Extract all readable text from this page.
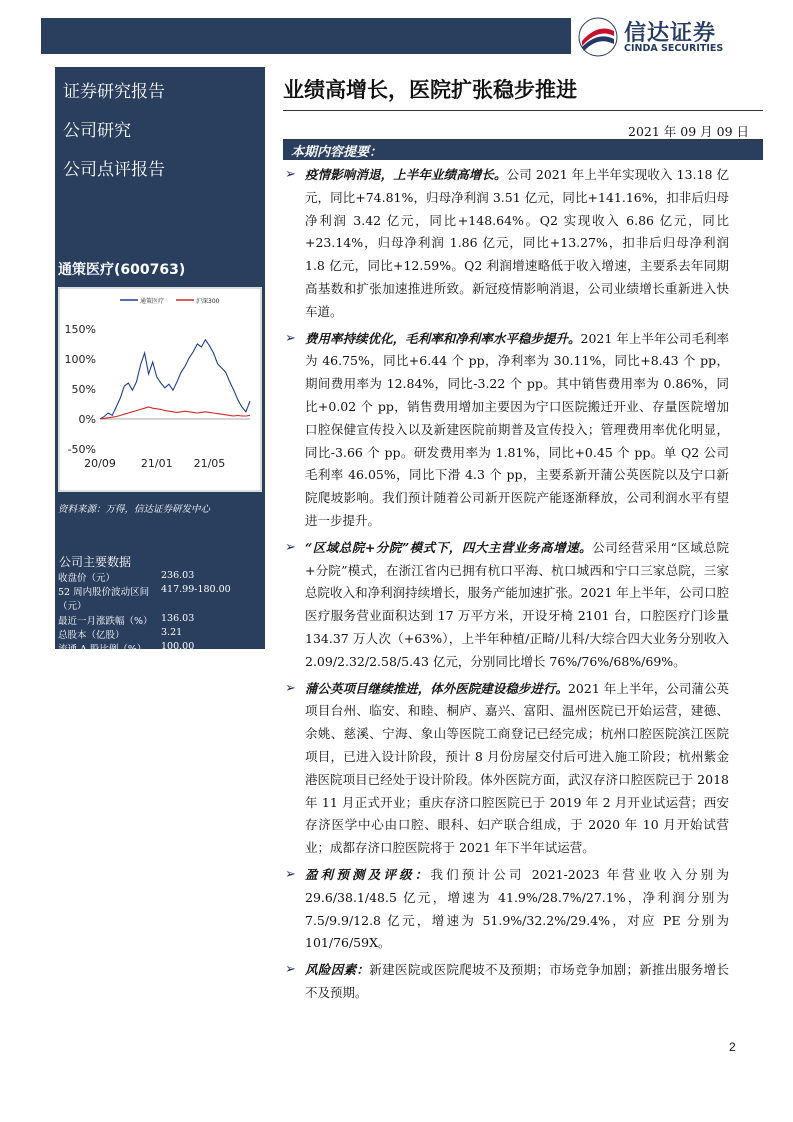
信达证券
CINDA SECURITIES
证券研究报告
公司研究
公司点评报告
通策医疗(600763)
通策医疗	沪深300
150%
100%
50%
0%
-50%
20/09 21/01 21/05
资料来源：万得，信达证券研发中心
公司主要数据
收盘价（元）	236.03
52 周内股价波动区间 417.99-180.00
（元）
最近一月涨跌幅（%） 136.03
总股本（亿股）	3.21
流通 A 股比例（%） 100.00
总市值（亿元）	756.81
资料来源：信达证券研发中心
业绩高增长，医院扩张稳步推进
2021 年 09 月 09 日
本期内容提要：
➢ 疫情影响消退，上半年业绩高增长。公司 2021 年上半年实现收入 13.18 亿元，同比+74.81%，归母净利润 3.51 亿元，同比+141.16%，扣非后归母净利润 3.42 亿元，同比+148.64%。Q2 实现收入 6.86 亿元，同比+23.14%，归母净利润 1.86 亿元，同比+13.27%，扣非后归母净利润 1.8 亿元，同比+12.59%。Q2 利润增速略低于收入增速，主要系去年同期高基数和扩张加速推进所致。新冠疫情影响消退，公司业绩增长重新进入快车道。
➢ 费用率持续优化，毛利率和净利率水平稳步提升。2021 年上半年公司毛利率为 46.75%，同比+6.44 个 pp，净利率为 30.11%，同比+8.43 个 pp，期间费用率为 12.84%，同比-3.22 个 pp。其中销售费用率为 0.86%，同比+0.02 个 pp，销售费用增加主要因为宁口医院搬迁开业、存量医院增加口腔保健宣传投入以及新建医院前期普及宣传投入；管理费用率优化明显，同比-3.66 个 pp。研发费用率为 1.81%，同比+0.45 个 pp。单 Q2 公司毛利率 46.05%，同比下滑 4.3 个 pp，主要系新开蒲公英医院以及宁口新院爬坡影响。我们预计随着公司新开医院产能逐渐释放，公司利润水平有望进一步提升。
➢ “区域总院+分院”模式下，四大主营业务高增速。公司经营采用“区域总院+分院”模式，在浙江省内已拥有杭口平海、杭口城西和宁口三家总院，三家总院收入和净利润持续增长，服务产能加速扩张。2021 年上半年，公司口腔医疗服务营业面积达到 17 万平方米，开设牙椅 2101 台，口腔医疗门诊量 134.37 万人次（+63%），上半年种植/正畸/儿科/大综合四大业务分别收入 2.09/2.32/2.58/5.43 亿元，分别同比增长 76%/76%/68%/69%。
➢ 蒲公英项目继续推进，体外医院建设稳步进行。2021 年上半年，公司蒲公英项目台州、临安、和睦、桐庐、嘉兴、富阳、温州医院已开始运营，建德、余姚、慈溪、宁海、象山等医院工商登记已经完成；杭州口腔医院滨江医院项目，已进入设计阶段，预计 8 月份房屋交付后可进入施工阶段；杭州紫金港医院项目已经处于设计阶段。体外医院方面，武汉存济口腔医院已于 2018 年 11 月正式开业；重庆存济口腔医院已于 2019 年 2 月开业试运营；西安存济医学中心由口腔、眼科、妇产联合组成，于 2020 年 10 月开始试营业；成都存济口腔医院将于 2021 年下半年试运营。
➢ 盈利预测及评级：我们预计公司 2021-2023 年营业收入分别为 29.6/38.1/48.5 亿元，增速为 41.9%/28.7%/27.1%，净利润分别为 7.5/9.9/12.8 亿元，增速为 51.9%/32.2%/29.4%，对应 PE 分别为 101/76/59X。
➢ 风险因素：新建医院或医院爬坡不及预期；市场竞争加剧；新推出服务增长不及预期。
2
